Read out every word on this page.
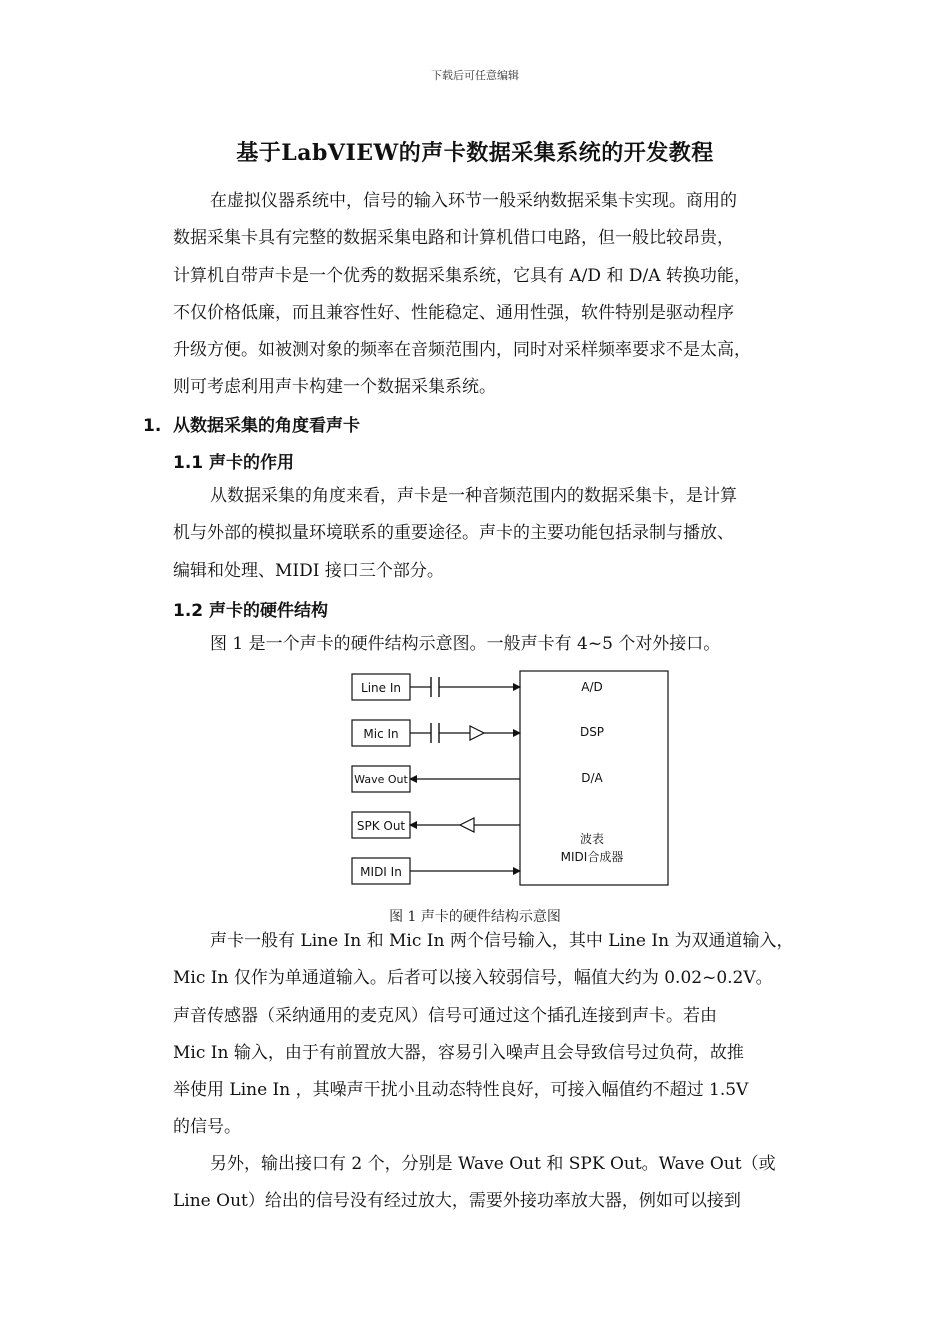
下载后可任意编辑
基于LabVIEW的声卡数据采集系统的开发教程
在虚拟仪器系统中，信号的输入环节一般采纳数据采集卡实现。商用的
数据采集卡具有完整的数据采集电路和计算机借口电路，但一般比较昂贵，
计算机自带声卡是一个优秀的数据采集系统，它具有 A/D 和 D/A 转换功能，
不仅价格低廉，而且兼容性好、性能稳定、通用性强，软件特别是驱动程序
升级方便。如被测对象的频率在音频范围内，同时对采样频率要求不是太高，
则可考虑利用声卡构建一个数据采集系统。
1. 从数据采集的角度看声卡
1.1 声卡的作用
从数据采集的角度来看，声卡是一种音频范围内的数据采集卡，是计算
机与外部的模拟量环境联系的重要途径。声卡的主要功能包括录制与播放、
编辑和处理、MIDI 接口三个部分。
1.2 声卡的硬件结构
图 1 是一个声卡的硬件结构示意图。一般声卡有 4~5 个对外接口。
Line In
Mic In
Wave Out
SPK Out
MIDI In
A/D
DSP
D/A
波表
MIDI合成器
图 1 声卡的硬件结构示意图
声卡一般有 Line In 和 Mic In 两个信号输入，其中 Line In 为双通道输入，
Mic In 仅作为单通道输入。后者可以接入较弱信号，幅值大约为 0.02~0.2V。
声音传感器（采纳通用的麦克风）信号可通过这个插孔连接到声卡。若由
Mic In 输入，由于有前置放大器，容易引入噪声且会导致信号过负荷，故推
举使用 Line In ，其噪声干扰小且动态特性良好，可接入幅值约不超过 1.5V
的信号。
另外，输出接口有 2 个，分别是 Wave Out 和 SPK Out。Wave Out（或
Line Out）给出的信号没有经过放大，需要外接功率放大器，例如可以接到
